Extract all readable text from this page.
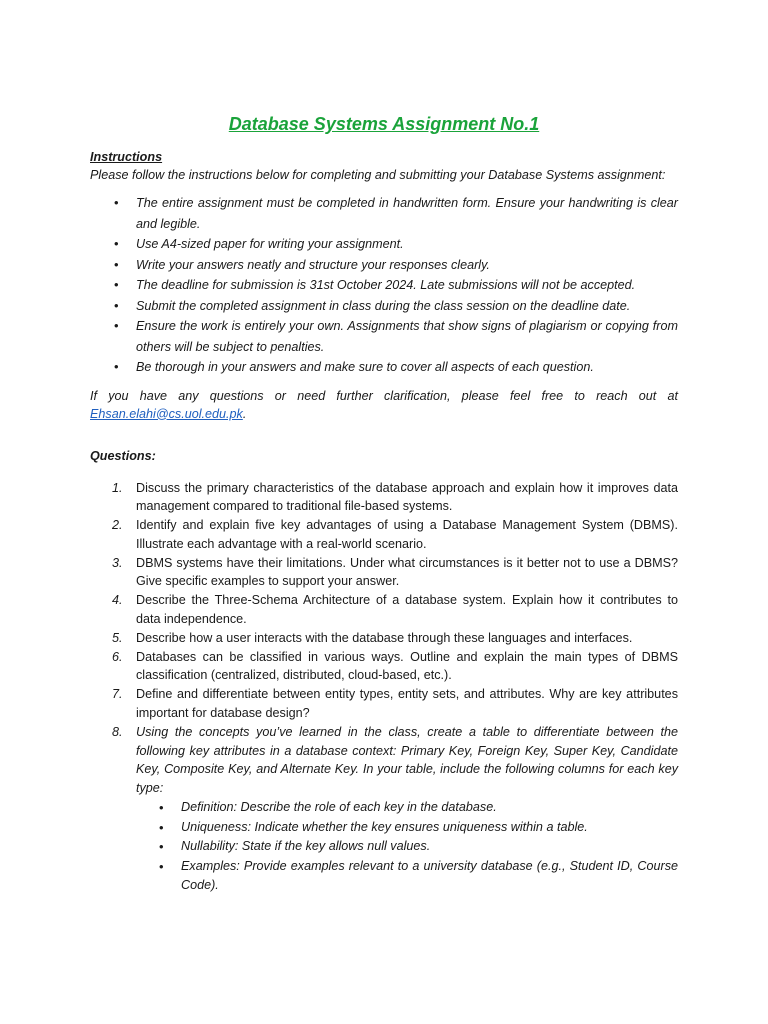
Database Systems Assignment No.1
Instructions
Please follow the instructions below for completing and submitting your Database Systems assignment:
• The entire assignment must be completed in handwritten form. Ensure your handwriting is clear and legible.
• Use A4-sized paper for writing your assignment.
• Write your answers neatly and structure your responses clearly.
• The deadline for submission is 31st October 2024. Late submissions will not be accepted.
• Submit the completed assignment in class during the class session on the deadline date.
• Ensure the work is entirely your own. Assignments that show signs of plagiarism or copying from others will be subject to penalties.
• Be thorough in your answers and make sure to cover all aspects of each question.
If you have any questions or need further clarification, please feel free to reach out at Ehsan.elahi@cs.uol.edu.pk.
Questions:
1. Discuss the primary characteristics of the database approach and explain how it improves data management compared to traditional file-based systems.
2. Identify and explain five key advantages of using a Database Management System (DBMS). Illustrate each advantage with a real-world scenario.
3. DBMS systems have their limitations. Under what circumstances is it better not to use a DBMS? Give specific examples to support your answer.
4. Describe the Three-Schema Architecture of a database system. Explain how it contributes to data independence.
5. Describe how a user interacts with the database through these languages and interfaces.
6. Databases can be classified in various ways. Outline and explain the main types of DBMS classification (centralized, distributed, cloud-based, etc.).
7. Define and differentiate between entity types, entity sets, and attributes. Why are key attributes important for database design?
8. Using the concepts you’ve learned in the class, create a table to differentiate between the following key attributes in a database context: Primary Key, Foreign Key, Super Key, Candidate Key, Composite Key, and Alternate Key. In your table, include the following columns for each key type:
• Definition: Describe the role of each key in the database.
• Uniqueness: Indicate whether the key ensures uniqueness within a table.
• Nullability: State if the key allows null values.
• Examples: Provide examples relevant to a university database (e.g., Student ID, Course Code).
